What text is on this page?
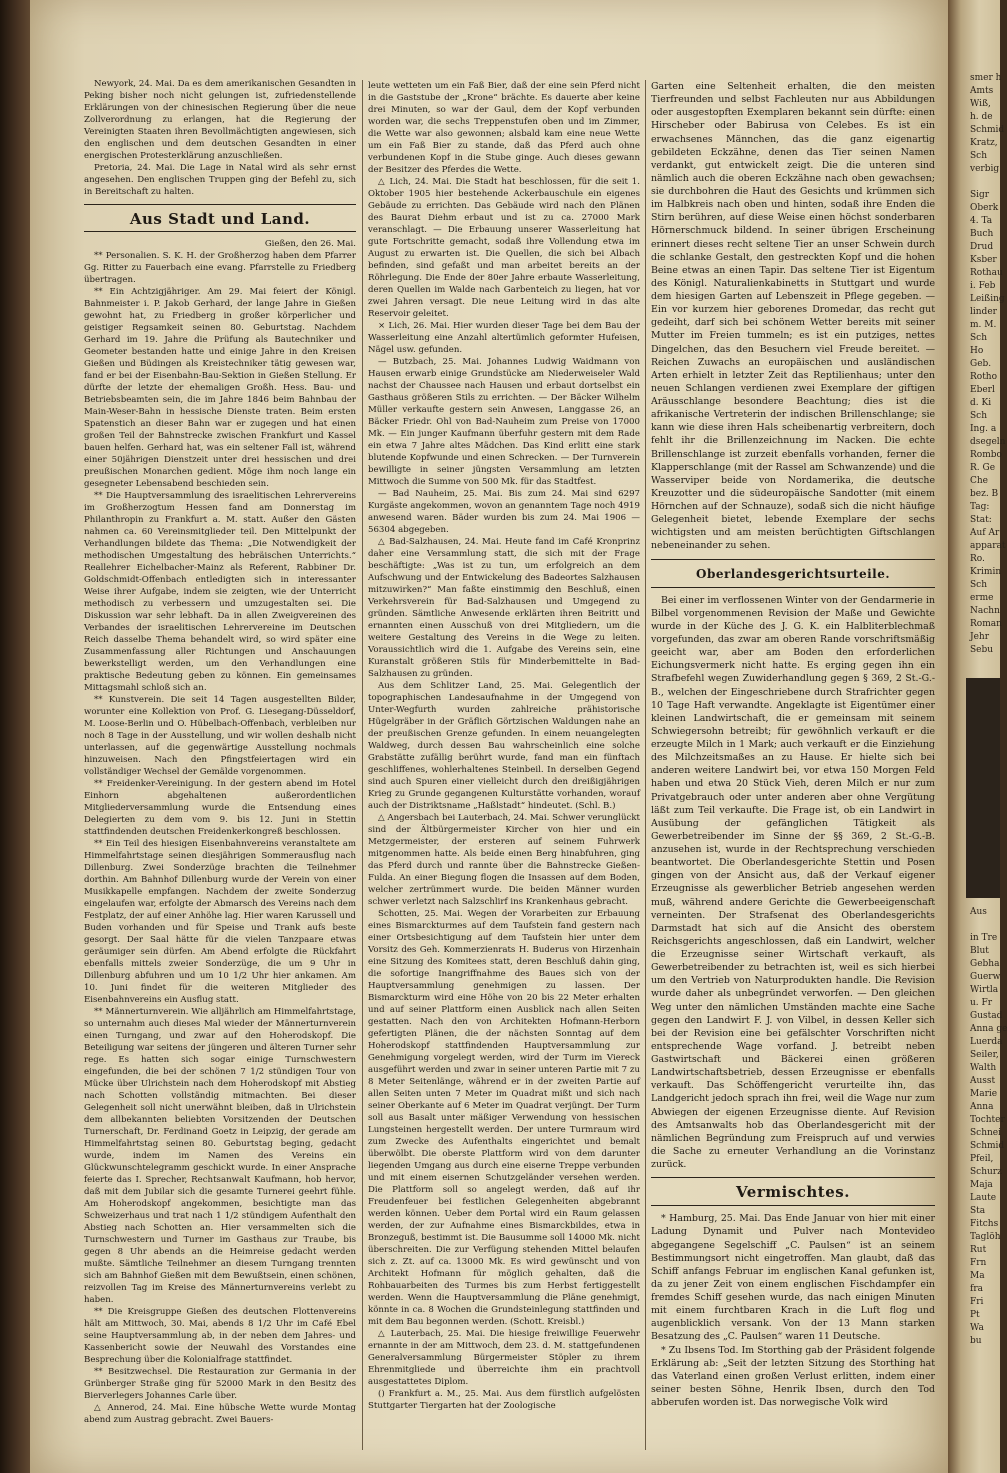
Newyork, 24. Mai. Da es dem amerikanischen Gesandten in Peking bisher noch nicht gelungen ist, zufriedenstellende Erklärungen von der chinesischen Regierung über die neue Zollverordnung zu erlangen, hat die Regierung der Vereinigten Staaten ihren Bevollmächtigten angewiesen, sich den englischen und dem deutschen Gesandten in einer energischen Protesterklärung anzuschließen.

Pretoria, 24. Mai. Die Lage in Natal wird als sehr ernst angesehen. Den englischen Truppen ging der Befehl zu, sich in Bereitschaft zu halten.

Aus Stadt und Land.

Gießen, den 26. Mai.

** Personalien. S. K. H. der Großherzog haben dem Pfarrer Gg. Ritter zu Fauerbach eine evang. Pfarrstelle zu Friedberg übertragen.

** Ein Achtzigjähriger. Am 29. Mai feiert der Königl. Bahnmeister i. P. Jakob Gerhard, der lange Jahre in Gießen gewohnt hat, zu Friedberg in großer körperlicher und geistiger Regsamkeit seinen 80. Geburtstag. Nachdem Gerhard im 19. Jahre die Prüfung als Bautechniker und Geometer bestanden hatte und einige Jahre in den Kreisen Gießen und Büdingen als Kreistechniker tätig gewesen war, fand er bei der Eisenbahn-Bau-Sektion in Gießen Stellung. Er dürfte der letzte der ehemaligen Großh. Hess. Bau- und Betriebsbeamten sein, die im Jahre 1846 beim Bahnbau der Main-Weser-Bahn in hessische Dienste traten. Beim ersten Spatenstich an dieser Bahn war er zugegen und hat einen großen Teil der Bahnstrecke zwischen Frankfurt und Kassel bauen helfen. Gerhard hat, was ein seltener Fall ist, während einer 50jährigen Dienstzeit unter drei hessischen und drei preußischen Monarchen gedient. Möge ihm noch lange ein gesegneter Lebensabend beschieden sein.

** Die Hauptversammlung des israelitischen Lehrervereins im Großherzogtum Hessen fand am Donnerstag im Philanthropin zu Frankfurt a. M. statt. Außer den Gästen nahmen ca. 60 Vereinsmitglieder teil. Den Mittelpunkt der Verhandlungen bildete das Thema: „Die Notwendigkeit der methodischen Umgestaltung des hebräischen Unterrichts.“ Reallehrer Eichelbacher-Mainz als Referent, Rabbiner Dr. Goldschmidt-Offenbach entledigten sich in interessanter Weise ihrer Aufgabe, indem sie zeigten, wie der Unterricht methodisch zu verbessern und umzugestalten sei. Die Diskussion war sehr lebhaft. Da in allen Zweigvereinen des Verbandes der israelitischen Lehrervereine im Deutschen Reich dasselbe Thema behandelt wird, so wird später eine Zusammenfassung aller Richtungen und Anschauungen bewerkstelligt werden, um den Verhandlungen eine praktische Bedeutung geben zu können. Ein gemeinsames Mittagsmahl schloß sich an.

** Kunstverein. Die seit 14 Tagen ausgestellten Bilder, worunter eine Kollektion von Prof. G. Liesegang-Düsseldorf, M. Loose-Berlin und O. Hübelbach-Offenbach, verbleiben nur noch 8 Tage in der Ausstellung, und wir wollen deshalb nicht unterlassen, auf die gegenwärtige Ausstellung nochmals hinzuweisen. Nach den Pfingstfeiertagen wird ein vollständiger Wechsel der Gemälde vorgenommen.

** Freidenker-Vereinigung. In der gestern abend im Hotel Einhorn abgehaltenen außerordentlichen Mitgliederversammlung wurde die Entsendung eines Delegierten zu dem vom 9. bis 12. Juni in Stettin stattfindenden deutschen Freidenkerkongreß beschlossen.

** Ein Teil des hiesigen Eisenbahnvereins veranstaltete am Himmelfahrtstage seinen diesjährigen Sommerausflug nach Dillenburg. Zwei Sonderzüge brachten die Teilnehmer dorthin. Am Bahnhof Dillenburg wurde der Verein von einer Musikkapelle empfangen. Nachdem der zweite Sonderzug eingelaufen war, erfolgte der Abmarsch des Vereins nach dem Festplatz, der auf einer Anhöhe lag. Hier waren Karussell und Buden vorhanden und für Speise und Trank aufs beste gesorgt. Der Saal hätte für die vielen Tanzpaare etwas geräumiger sein dürfen. Am Abend erfolgte die Rückfahrt ebenfalls mittels zweier Sonderzüge, die um 9 Uhr in Dillenburg abfuhren und um 10 1/2 Uhr hier ankamen. Am 10. Juni findet für die weiteren Mitglieder des Eisenbahnvereins ein Ausflug statt.

** Männerturnverein. Wie alljährlich am Himmelfahrtstage, so unternahm auch dieses Mal wieder der Männerturnverein einen Turngang, und zwar auf den Hoherodskopf. Die Beteiligung war seitens der jüngeren und älteren Turner sehr rege. Es hatten sich sogar einige Turnschwestern eingefunden, die bei der schönen 7 1/2 stündigen Tour von Mücke über Ulrichstein nach dem Hoherodskopf mit Abstieg nach Schotten vollständig mitmachten. Bei dieser Gelegenheit soll nicht unerwähnt bleiben, daß in Ulrichstein dem allbekannten beliebten Vorsitzenden der Deutschen Turnerschaft, Dr. Ferdinand Goetz in Leipzig, der gerade am Himmelfahrtstag seinen 80. Geburtstag beging, gedacht wurde, indem im Namen des Vereins ein Glückwunschtelegramm geschickt wurde. In einer Ansprache feierte das I. Sprecher, Rechtsanwalt Kaufmann, hob hervor, daß mit dem Jubilar sich die gesamte Turnerei geehrt fühle. Am Hoherodskopf angekommen, besichtigte man das Schweizerhaus und trat nach 1 1/2 stündigem Aufenthalt den Abstieg nach Schotten an. Hier versammelten sich die Turnschwestern und Turner im Gasthaus zur Traube, bis gegen 8 Uhr abends an die Heimreise gedacht werden mußte. Sämtliche Teilnehmer an diesem Turngang trennten sich am Bahnhof Gießen mit dem Bewußtsein, einen schönen, reizvollen Tag im Kreise des Männerturnvereins verlebt zu haben.

** Die Kreisgruppe Gießen des deutschen Flottenvereins hält am Mittwoch, 30. Mai, abends 8 1/2 Uhr im Café Ebel seine Hauptversammlung ab, in der neben dem Jahres- und Kassenbericht sowie der Neuwahl des Vorstandes eine Besprechung über die Kolonialfrage stattfindet.

** Besitzwechsel. Die Restauration zur Germania in der Grünberger Straße ging für 52000 Mark in den Besitz des Bierverlegers Johannes Carle über.

△ Annerod, 24. Mai. Eine hübsche Wette wurde Montag abend zum Austrag gebracht. Zwei Bauers-

leute wetteten um ein Faß Bier, daß der eine sein Pferd nicht in die Gaststube der „Krone“ brächte. Es dauerte aber keine drei Minuten, so war der Gaul, dem der Kopf verbunden worden war, die sechs Treppenstufen oben und im Zimmer, die Wette war also gewonnen; alsbald kam eine neue Wette um ein Faß Bier zu stande, daß das Pferd auch ohne verbundenen Kopf in die Stube ginge. Auch dieses gewann der Besitzer des Pferdes die Wette.

△ Lich, 24. Mai. Die Stadt hat beschlossen, für die seit 1. Oktober 1905 hier bestehende Ackerbauschule ein eigenes Gebäude zu errichten. Das Gebäude wird nach den Plänen des Baurat Diehm erbaut und ist zu ca. 27000 Mark veranschlagt. — Die Erbauung unserer Wasserleitung hat gute Fortschritte gemacht, sodaß ihre Vollendung etwa im August zu erwarten ist. Die Quellen, die sich bei Albach befinden, sind gefaßt und man arbeitet bereits an der Röhrlegung. Die Ende der 80er Jahre erbaute Wasserleitung, deren Quellen im Walde nach Garbenteich zu liegen, hat vor zwei Jahren versagt. Die neue Leitung wird in das alte Reservoir geleitet.

× Lich, 26. Mai. Hier wurden dieser Tage bei dem Bau der Wasserleitung eine Anzahl altertümlich geformter Hufeisen, Nägel usw. gefunden.

— Butzbach, 25. Mai. Johannes Ludwig Waidmann von Hausen erwarb einige Grundstücke am Niederweiseler Wald nachst der Chaussee nach Hausen und erbaut dortselbst ein Gasthaus größeren Stils zu errichten. — Der Bäcker Wilhelm Müller verkaufte gestern sein Anwesen, Langgasse 26, an Bäcker Friedr. Ohl von Bad-Nauheim zum Preise von 17000 Mk. — Ein junger Kaufmann überfuhr gestern mit dem Rade ein etwa 7 Jahre altes Mädchen. Das Kind erlitt eine stark blutende Kopfwunde und einen Schrecken. — Der Turnverein bewilligte in seiner jüngsten Versammlung am letzten Mittwoch die Summe von 500 Mk. für das Stadtfest.

— Bad Nauheim, 25. Mai. Bis zum 24. Mai sind 6297 Kurgäste angekommen, wovon an genanntem Tage noch 4919 anwesend waren. Bäder wurden bis zum 24. Mai 1906 — 56304 abgegeben.

△ Bad-Salzhausen, 24. Mai. Heute fand im Café Kronprinz daher eine Versammlung statt, die sich mit der Frage beschäftigte: „Was ist zu tun, um erfolgreich an dem Aufschwung und der Entwickelung des Badeortes Salzhausen mitzuwirken?“ Man faßte einstimmig den Beschluß, einen Verkehrsverein für Bad-Salzhausen und Umgegend zu gründen. Sämtliche Anwesende erklärten ihren Beitritt und ernannten einen Ausschuß von drei Mitgliedern, um die weitere Gestaltung des Vereins in die Wege zu leiten. Voraussichtlich wird die 1. Aufgabe des Vereins sein, eine Kuranstalt größeren Stils für Minderbemittelte in Bad-Salzhausen zu gründen.

Aus dem Schlitzer Land, 25. Mai. Gelegentlich der topographischen Landesaufnahme in der Umgegend von Unter-Wegfurth wurden zahlreiche prähistorische Hügelgräber in der Gräflich Görtzischen Waldungen nahe an der preußischen Grenze gefunden. In einem neuangelegten Waldweg, durch dessen Bau wahrscheinlich eine solche Grabstätte zufällig berührt wurde, fand man ein fünftach geschliffenes, wohlerhaltenes Steinbeil. In derselben Gegend sind auch Spuren einer vielleicht durch den dreißigjährigen Krieg zu Grunde gegangenen Kulturstätte vorhanden, worauf auch der Distriktsname „Haßlstadt“ hindeutet. (Schl. B.)

△ Angersbach bei Lauterbach, 24. Mai. Schwer verunglückt sind der Ältbürgermeister Kircher von hier und ein Metzgermeister, der ersteren auf seinem Fuhrwerk mitgenommen hatte. Als beide einen Berg hinabfuhren, ging das Pferd durch und rannte über die Bahnstrecke Gießen-Fulda. An einer Biegung flogen die Insassen auf dem Boden, welcher zertrümmert wurde. Die beiden Männer wurden schwer verletzt nach Salzschlirf ins Krankenhaus gebracht.

Schotten, 25. Mai. Wegen der Vorarbeiten zur Erbauung eines Bismarckturmes auf dem Taufstein fand gestern nach einer Ortsbesichtigung auf dem Taufstein hier unter dem Vorsitz des Geh. Kommerzienrats H. Buderus von Hirzenhain eine Sitzung des Komitees statt, deren Beschluß dahin ging, die sofortige Inangriffnahme des Baues sich von der Hauptversammlung genehmigen zu lassen. Der Bismarckturm wird eine Höhe von 20 bis 22 Meter erhalten und auf seiner Plattform einen Ausblick nach allen Seiten gestatten. Nach den von Architekten Hofmann-Herborn gefertigten Plänen, die der nächsten Sonntag auf dem Hoherodskopf stattfindenden Hauptversammlung zur Genehmigung vorgelegt werden, wird der Turm im Viereck ausgeführt werden und zwar in seiner unteren Partie mit 7 zu 8 Meter Seitenlänge, während er in der zweiten Partie auf allen Seiten unten 7 Meter im Quadrat mißt und sich nach seiner Oberkante auf 6 Meter im Quadrat verjüngt. Der Turm soll aus Basalt unter mäßiger Verwendung von hessischen Lungsteinen hergestellt werden. Der untere Turmraum wird zum Zwecke des Aufenthalts eingerichtet und bemalt überwölbt. Die oberste Plattform wird von dem darunter liegenden Umgang aus durch eine eiserne Treppe verbunden und mit einem eisernen Schutzgeländer versehen werden. Die Plattform soll so angelegt werden, daß auf ihr Freudenfeuer bei festlichen Gelegenheiten abgebrannt werden können. Ueber dem Portal wird ein Raum gelassen werden, der zur Aufnahme eines Bismarckbildes, etwa in Bronzeguß, bestimmt ist. Die Bausumme soll 14000 Mk. nicht überschreiten. Die zur Verfügung stehenden Mittel belaufen sich z. Zt. auf ca. 13000 Mk. Es wird gewünscht und von Architekt Hofmann für möglich gehalten, daß die Rohbauarbeiten des Turmes bis zum Herbst fertiggestellt werden. Wenn die Hauptversammlung die Pläne genehmigt, könnte in ca. 8 Wochen die Grundsteinlegung stattfinden und mit dem Bau begonnen werden. (Schott. Kreisbl.)

△ Lauterbach, 25. Mai. Die hiesige freiwillige Feuerwehr ernannte in der am Mittwoch, dem 23. d. M. stattgefundenen Generalversammlung Bürgermeister Stöpler zu ihrem Ehrenmitgliede und überreichte ihm ein prachtvoll ausgestattetes Diplom.

() Frankfurt a. M., 25. Mai. Aus dem fürstlich aufgelösten Stuttgarter Tiergarten hat der Zoologische

Garten eine Seltenheit erhalten, die den meisten Tierfreunden und selbst Fachleuten nur aus Abbildungen oder ausgestopften Exemplaren bekannt sein dürfte: einen Hirscheber oder Babirusa von Celebes. Es ist ein erwachsenes Männchen, das die ganz eigenartig gebildeten Eckzähne, denen das Tier seinen Namen verdankt, gut entwickelt zeigt. Die die unteren sind nämlich auch die oberen Eckzähne nach oben gewachsen; sie durchbohren die Haut des Gesichts und krümmen sich im Halbkreis nach oben und hinten, sodaß ihre Enden die Stirn berühren, auf diese Weise einen höchst sonderbaren Hörnerschmuck bildend. In seiner übrigen Erscheinung erinnert dieses recht seltene Tier an unser Schwein durch die schlanke Gestalt, den gestreckten Kopf und die hohen Beine etwas an einen Tapir. Das seltene Tier ist Eigentum des Königl. Naturalienkabinetts in Stuttgart und wurde dem hiesigen Garten auf Lebenszeit in Pflege gegeben. — Ein vor kurzem hier geborenes Dromedar, das recht gut gedeiht, darf sich bei schönem Wetter bereits mit seiner Mutter im Freien tummeln; es ist ein putziges, nettes Dingelchen, das den Besuchern viel Freude bereitet. — Reichen Zuwachs an europäischen und ausländischen Arten erhielt in letzter Zeit das Reptilienhaus; unter den neuen Schlangen verdienen zwei Exemplare der giftigen Aräusschlange besondere Beachtung; dies ist die afrikanische Vertreterin der indischen Brillenschlange; sie kann wie diese ihren Hals scheibenartig verbreitern, doch fehlt ihr die Brillenzeichnung im Nacken. Die echte Brillenschlange ist zurzeit ebenfalls vorhanden, ferner die Klapperschlange (mit der Rassel am Schwanzende) und die Wasserviper beide von Nordamerika, die deutsche Kreuzotter und die südeuropäische Sandotter (mit einem Hörnchen auf der Schnauze), sodaß sich die nicht häufige Gelegenheit bietet, lebende Exemplare der sechs wichtigsten und am meisten berüchtigten Giftschlangen nebeneinander zu sehen.

Oberlandesgerichtsurteile.

Bei einer im verflossenen Winter von der Gendarmerie in Bilbel vorgenommenen Revision der Maße und Gewichte wurde in der Küche des J. G. K. ein Halbliterblechmaß vorgefunden, das zwar am oberen Rande vorschriftsmäßig geeicht war, aber am Boden den erforderlichen Eichungsvermerk nicht hatte. Es erging gegen ihn ein Strafbefehl wegen Zuwiderhandlung gegen § 369, 2 St.-G.-B., welchen der Eingeschriebene durch Strafrichter gegen 10 Tage Haft verwandte. Angeklagte ist Eigentümer einer kleinen Landwirtschaft, die er gemeinsam mit seinem Schwiegersohn betreibt; für gewöhnlich verkauft er die erzeugte Milch in 1 Mark; auch verkauft er die Einziehung des Milchzeitsmaßes an zu Hause. Er hielte sich bei anderen weitere Landwirt bei, vor etwa 150 Morgen Feld haben und etwa 20 Stück Vieh, deren Milch er nur zum Privatgebrauch oder unter anderen aber ohne Vergütung läßt zum Teil verkaufte. Die Frage ist, ob ein Landwirt in Ausübung der gefänglichen Tätigkeit als Gewerbetreibender im Sinne der §§ 369, 2 St.-G.-B. anzusehen ist, wurde in der Rechtsprechung verschieden beantwortet. Die Oberlandesgerichte Stettin und Posen gingen von der Ansicht aus, daß der Verkauf eigener Erzeugnisse als gewerblicher Betrieb angesehen werden muß, während andere Gerichte die Gewerbeeigenschaft verneinten. Der Strafsenat des Oberlandesgerichts Darmstadt hat sich auf die Ansicht des oberstem Reichsgerichts angeschlossen, daß ein Landwirt, welcher die Erzeugnisse seiner Wirtschaft verkauft, als Gewerbetreibender zu betrachten ist, weil es sich hierbei um den Vertrieb von Naturprodukten handle. Die Revision wurde daher als unbegründet verworfen. — Den gleichen Weg unter den nämlichen Umständen machte eine Sache gegen den Landwirt F. J. von Vilbel, in dessen Keller sich bei der Revision eine bei gefälschter Vorschriften nicht entsprechende Wage vorfand. J. betreibt neben Gastwirtschaft und Bäckerei einen größeren Landwirtschaftsbetrieb, dessen Erzeugnisse er ebenfalls verkauft. Das Schöffengericht verurteilte ihn, das Landgericht jedoch sprach ihn frei, weil die Wage nur zum Abwiegen der eigenen Erzeugnisse diente. Auf Revision des Amtsanwalts hob das Oberlandesgericht mit der nämlichen Begründung zum Freispruch auf und verwies die Sache zu erneuter Verhandlung an die Vorinstanz zurück.

Vermischtes.

* Hamburg, 25. Mai. Das Ende Januar von hier mit einer Ladung Dynamit und Pulver nach Montevideo abgegangene Segelschiff „C. Paulsen“ ist an seinem Bestimmungsort nicht eingetroffen. Man glaubt, daß das Schiff anfangs Februar im englischen Kanal gefunken ist, da zu jener Zeit von einem englischen Fischdampfer ein fremdes Schiff gesehen wurde, das nach einigen Minuten mit einem furchtbaren Krach in die Luft flog und augenblicklich versank. Von der 13 Mann starken Besatzung des „C. Paulsen“ waren 11 Deutsche.

* Zu Ibsens Tod. Im Storthing gab der Präsident folgende Erklärung ab: „Seit der letzten Sitzung des Storthing hat das Vaterland einen großen Verlust erlitten, indem einer seiner besten Söhne, Henrik Ibsen, durch den Tod abberufen worden ist. Das norwegische Volk wird

smer h
Amts
Wiß,
h. de
Schmid
Kratz,
Sch
verbig
Sigr
Oberk
4. Ta
Buch
Drud
Ksber
Rothau
i. Feb
Leißing
linder
m. M.
Sch
Ho
Geb.
Rotho
Eberl
d. Ki
Sch
Ing. a
dsegeln
Rombo
R. Ge
Che
bez. B
Tag:
Stat:
Auf Ar
apparat
Ro.
Krimin
Sch
erme
Nachn
Roman
Jehr
Sebu
Aus
in Tre
Blut
Gebha
Guerw
Wirtla
u. Fr
Gustad
Anna ge
Luerda
Seiler,
Walth
Ausst
Marie
Anna
Tochter
Schnei
Schmid
Pfeil,
Schurz
Maja
Laute
Sta
Fitchs
Taglöh
Rut
Frn
Ma
fra
Fri
Pt
Wa
bu
